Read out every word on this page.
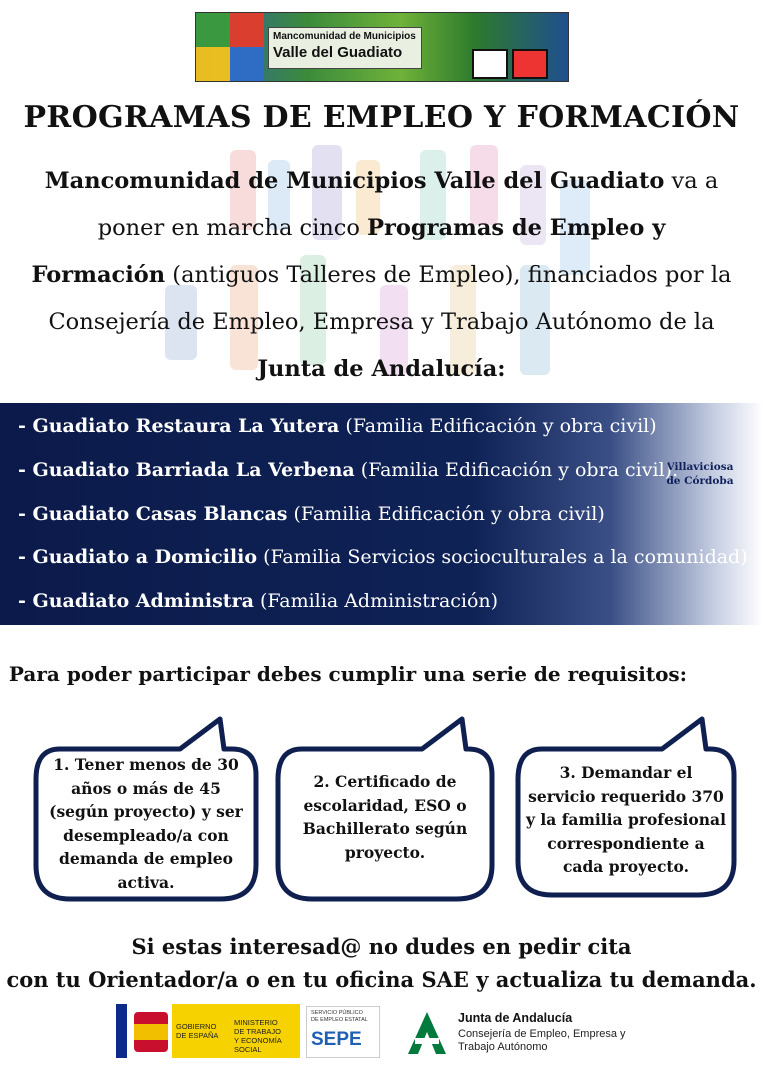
Mancomunidad de Municipios
Valle del Guadiato
PROGRAMAS DE EMPLEO Y FORMACIÓN
Mancomunidad de Municipios Valle del Guadiato va a poner en marcha cinco Programas de Empleo y Formación (antiguos Talleres de Empleo), financiados por la Consejería de Empleo, Empresa y Trabajo Autónomo de la Junta de Andalucía:
- Guadiato Restaura La Yutera (Familia Edificación y obra civil)
- Guadiato Barriada La Verbena (Familia Edificación y obra civil).
- Guadiato Casas Blancas (Familia Edificación y obra civil)
- Guadiato a Domicilio (Familia Servicios socioculturales a la comunidad)
- Guadiato Administra (Familia Administración)
Villaviciosa
de Córdoba
Para poder participar debes cumplir una serie de requisitos:
1. Tener menos de 30
años o más de 45
(según proyecto) y ser
desempleado/a con
demanda de empleo
activa.
2. Certificado de
escolaridad, ESO o
Bachillerato según
proyecto.
3. Demandar el
servicio requerido 370
y la familia profesional
correspondiente a
cada proyecto.
Si estas interesad@ no dudes en pedir cita
con tu Orientador/a o en tu oficina SAE y actualiza tu demanda.
GOBIERNO
DE ESPAÑA
MINISTERIO
DE TRABAJO
Y ECONOMÍA SOCIAL
SERVICIO PÚBLICO
DE EMPLEO ESTATAL
SEPE
Junta de Andalucía
Consejería de Empleo, Empresa y Trabajo Autónomo
